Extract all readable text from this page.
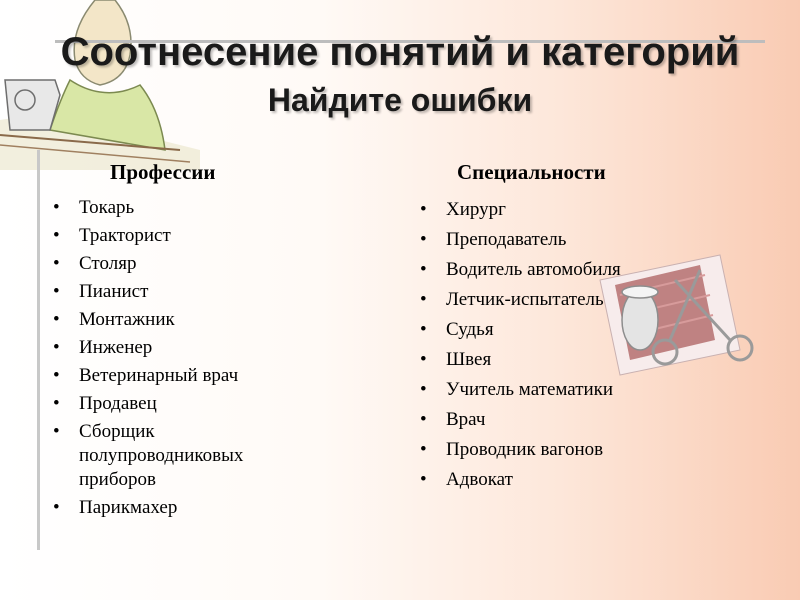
Соотнесение понятий и категорий
Найдите ошибки
Профессии	Специальности
• Токарь
• Тракторист
• Столяр
• Пианист
• Монтажник
• Инженер
• Ветеринарный врач
• Продавец
• Сборщик полупроводниковых приборов
• Парикмахер
• Хирург
• Преподаватель
• Водитель автомобиля
• Летчик-испытатель
• Судья
• Швея
• Учитель математики
• Врач
• Проводник вагонов
• Адвокат
